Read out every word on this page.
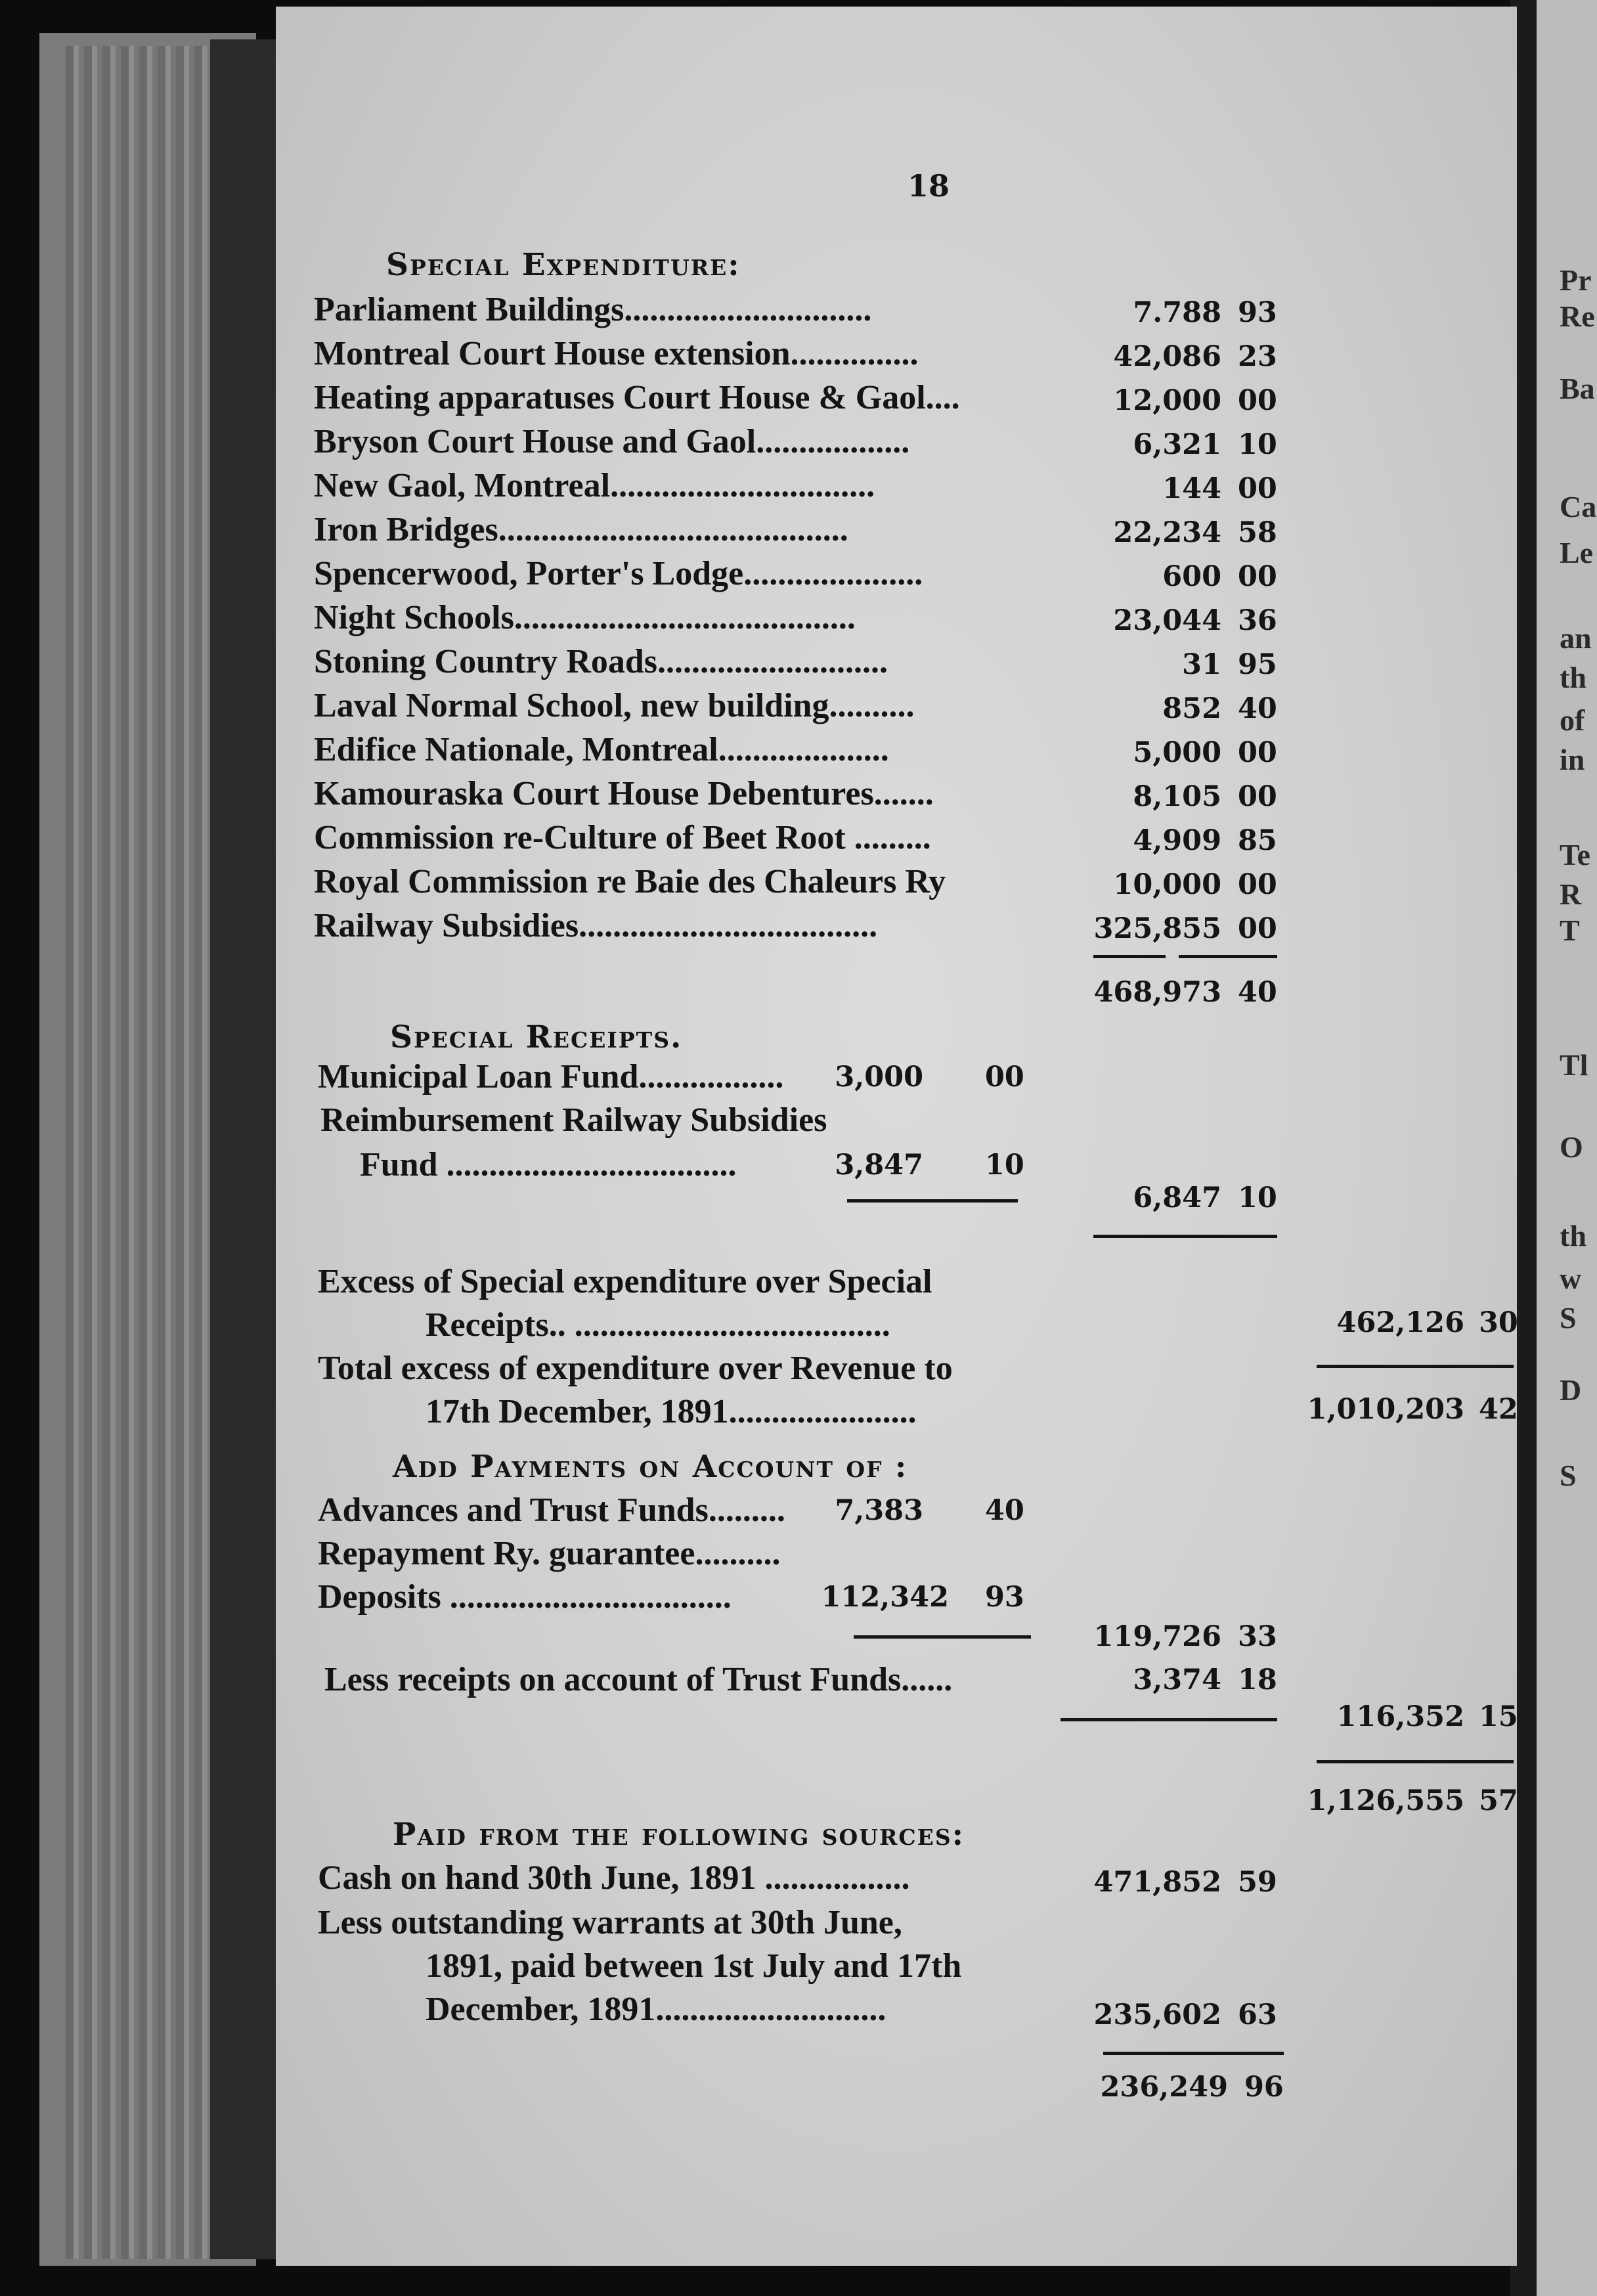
18

Special Expenditure:

Parliament Buildings.............................	7.788 93

Montreal Court House extension...............	42,086 23

Heating apparatuses Court House & Gaol....	12,000 00

Bryson Court House and Gaol..................	6,321 10

New Gaol, Montreal...............................	144 00

Iron Bridges.........................................	22,234 58

Spencerwood, Porter's Lodge.....................	600 00

Night Schools........................................	23,044 36

Stoning Country Roads...........................	31 95

Laval Normal School, new building..........	852 40

Edifice Nationale, Montreal....................	5,000 00

Kamouraska Court House Debentures.......	8,105 00

Commission re-Culture of Beet Root .........	4,909 85

Royal Commission re Baie des Chaleurs Ry	10,000 00

Railway Subsidies...................................	325,855 00

468,973 40

Special Receipts.

Municipal Loan Fund.................	3,000 00

Reimbursement Railway Subsidies

Fund ..................................	3,847 10

6,847 10

Excess of Special expenditure over Special

Receipts.. .....................................	462,126 30

Total excess of expenditure over Revenue to

17th December, 1891......................	1,010,203 42

Add Payments on Account of :

Advances and Trust Funds.........	7,383 40

Repayment Ry. guarantee..........

Deposits .................................	112,342 93

119,726 33

Less receipts on account of Trust Funds......	3,374 18

116,352 15

1,126,555 57

Paid from the following sources:

Cash on hand 30th June, 1891 .................	471,852 59

Less outstanding warrants at 30th June,

1891, paid between 1st July and 17th

December, 1891...........................	235,602 63

236,249 96

Pr
Re
Ba
Ca
Le
an
th
of
in
Te
R
T
Tl
O
th
w
S
D
S
